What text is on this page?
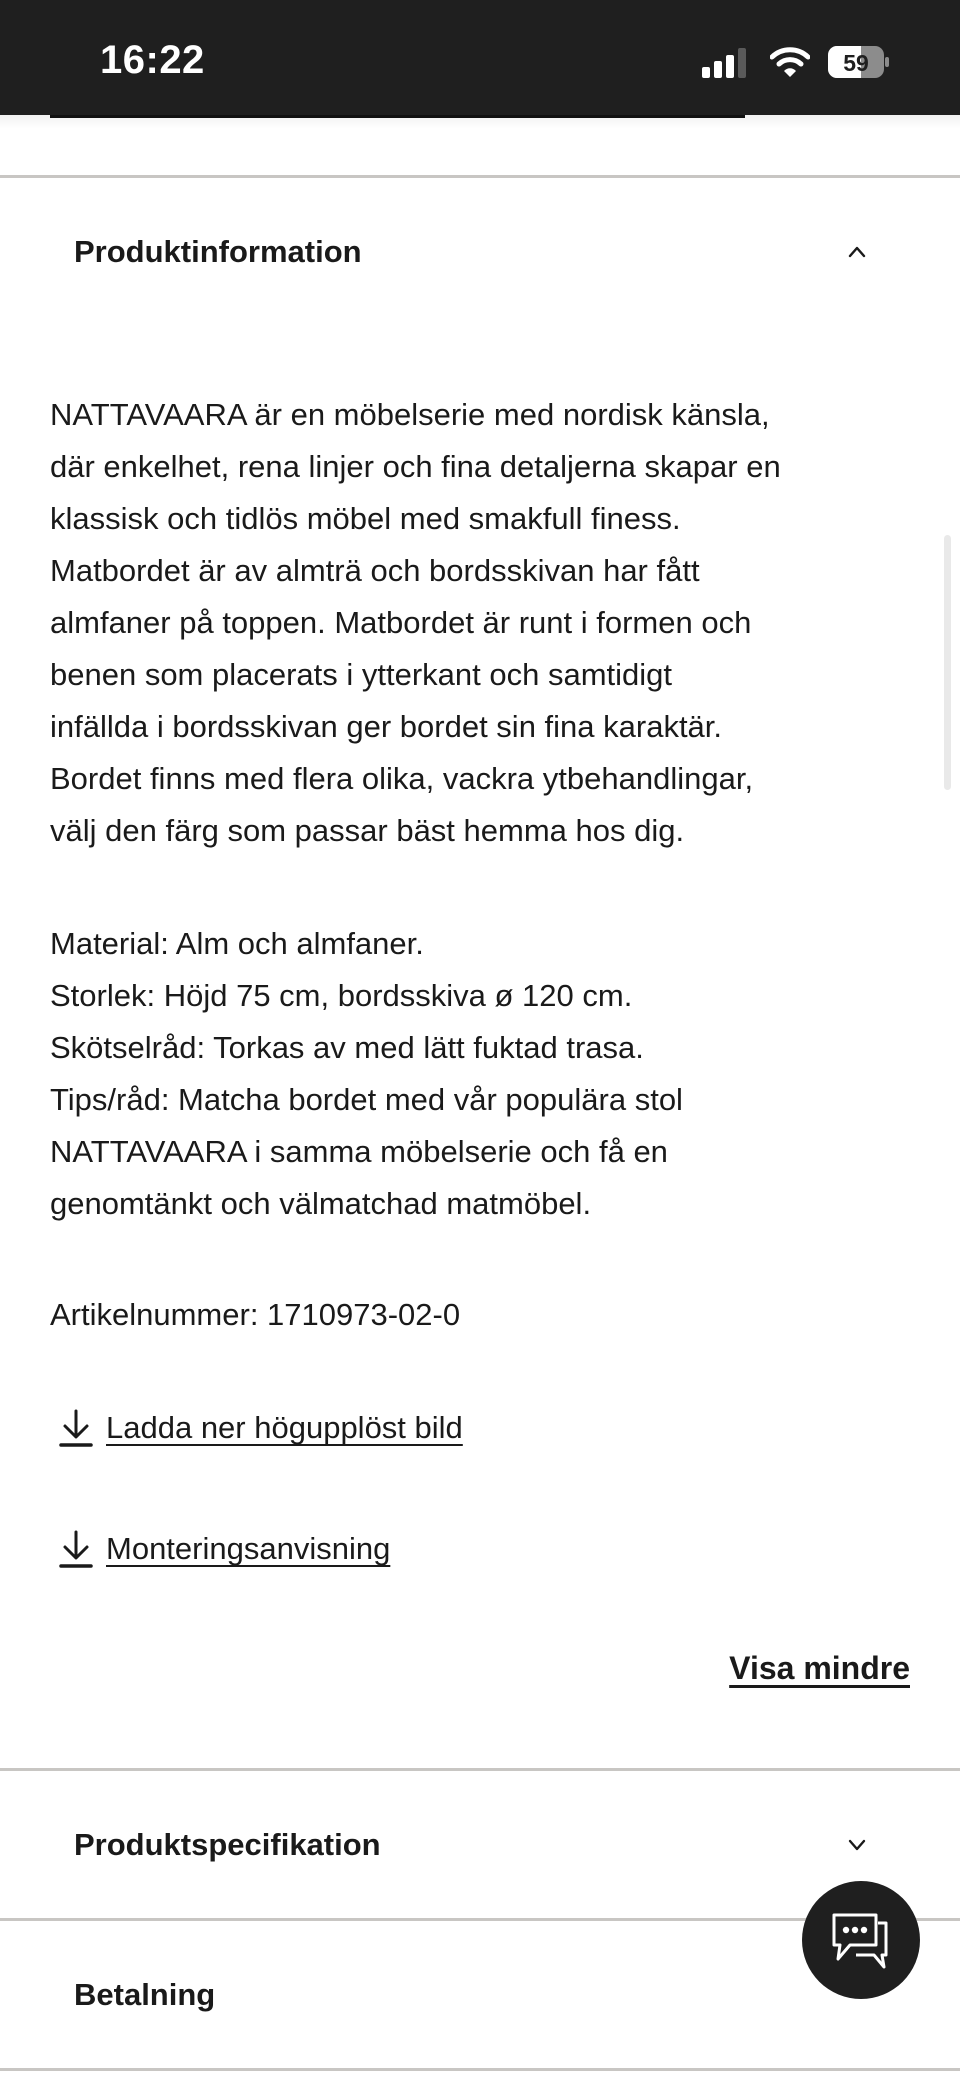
16:22	59
Produktinformation
NATTAVAARA är en möbelserie med nordisk känsla,
där enkelhet, rena linjer och fina detaljerna skapar en
klassisk och tidlös möbel med smakfull finess.
Matbordet är av almträ och bordsskivan har fått
almfaner på toppen. Matbordet är runt i formen och
benen som placerats i ytterkant och samtidigt
infällda i bordsskivan ger bordet sin fina karaktär.
Bordet finns med flera olika, vackra ytbehandlingar,
välj den färg som passar bäst hemma hos dig.
Material: Alm och almfaner.
Storlek: Höjd 75 cm, bordsskiva ø 120 cm.
Skötselråd: Torkas av med lätt fuktad trasa.
Tips/råd: Matcha bordet med vår populära stol
NATTAVAARA i samma möbelserie och få en
genomtänkt och välmatchad matmöbel.
Artikelnummer: 1710973-02-0
Ladda ner högupplöst bild
Monteringsanvisning
Visa mindre
Produktspecifikation
Betalning
